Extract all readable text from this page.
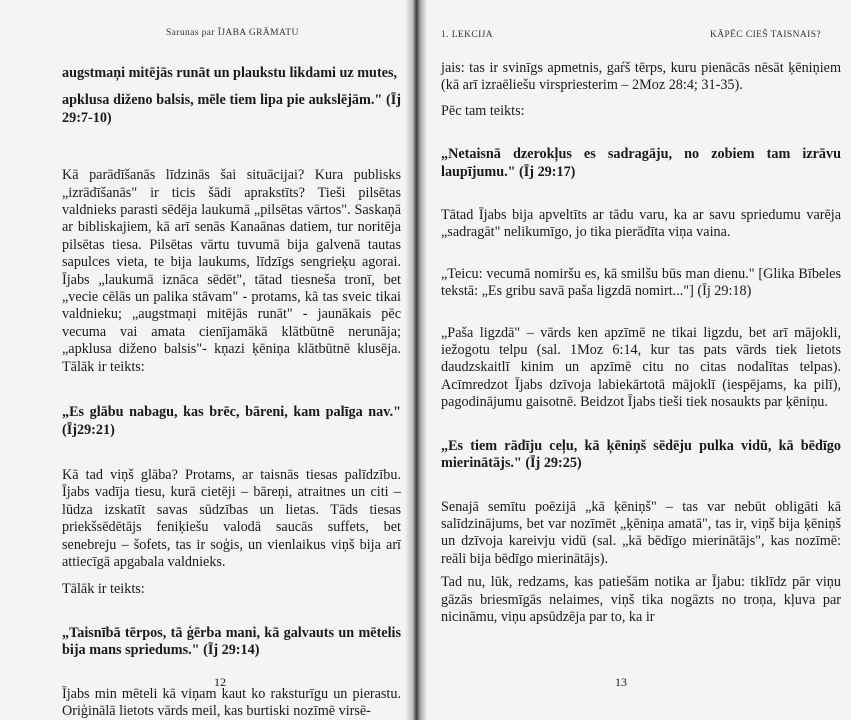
Sarunas par ĪJABA GRĀMATU

augstmaņi mitējās runāt un plaukstu likdami uz mutes,

apklusa diženo balsis, mēle tiem lipa pie aukslējām." (Īj 29:7-10)

Kā parādīšanās līdzinās šai situācijai? Kura publisks „izrādīšanās" ir ticis šādi aprakstīts? Tieši pilsētas valdnieks parasti sēdēja laukumā „pilsētas vārtos". Saskaņā ar bibliskajiem, kā arī senās Kanaānas datiem, tur noritēja pilsētas tiesa. Pilsētas vārtu tuvumā bija galvenā tautas sapulces vieta, te bija laukums, līdzīgs sengrieķu agorai. Ījabs „laukumā iznāca sēdēt", tātad tiesneša tronī, bet „vecie cēlās un palika stāvam" - protams, kā tas sveic tikai valdnieku; „augstmaņi mitējās runāt" - jaunākais pēc vecuma vai amata cienījamākā klātbūtnē nerunāja; „apklusa diženo balsis"- kņazi ķēniņa klātbūtnē klusēja. Tālāk ir teikts:

„Es glābu nabagu, kas brēc, bāreni, kam palīga nav." (Īj29:21)

Kā tad viņš glāba? Protams, ar taisnās tiesas palīdzību. Ījabs vadīja tiesu, kurā cietēji – bāreņi, atraitnes un citi – lūdza izskatīt savas sūdzības un lietas. Tāds tiesas priekšsēdētājs feniķiešu valodā saucās suffets, bet senebreju – šofets, tas ir soģis, un vienlaikus viņš bija arī attiecīgā apgabala valdnieks.

Tālāk ir teikts:

„Taisnībā tērpos, tā ģērba mani, kā galvauts un mētelis bija mans spriedums." (Īj 29:14)

Ījabs min mēteli kā viņam kaut ko raksturīgu un pierastu. Oriģinālā lietots vārds meil, kas burtiski nozīmē virsē-

12
1. LEKCIJA	KĀPĒC CIEŠ TAISNAIS?

jais: tas ir svinīgs apmetnis, gaŕš tērps, kuru pienācās nēsāt ķēniņiem (kā arī izraēliešu virspriesterim – 2Moz 28:4; 31-35).

Pēc tam teikts:

„Netaisnā dzerokļus es sadragāju, no zobiem tam izrāvu laupījumu." (Īj 29:17)

Tātad Ījabs bija apveltīts ar tādu varu, ka ar savu spriedumu varēja „sadragāt" nelikumīgo, jo tika pierādīta viņa vaina.

„Teicu: vecumā nomiršu es, kā smilšu būs man dienu." [Glika Bībeles tekstā: „Es gribu savā paša ligzdā nomirt..."] (Īj 29:18)

„Paša ligzdā" – vārds ken apzīmē ne tikai ligzdu, bet arī mājokli, iežogotu telpu (sal. 1Moz 6:14, kur tas pats vārds tiek lietots daudzskaitlī kinim un apzīmē citu no citas nodalītas telpas). Acīmredzot Ījabs dzīvoja labiekārtotā mājoklī (iespējams, ka pilī), pagodinājumu gaisotnē. Beidzot Ījabs tieši tiek nosaukts par ķēniņu.

„Es tiem rādīju ceļu, kā ķēniņš sēdēju pulka vidū, kā bēdīgo mierinātājs." (Īj 29:25)

Senajā semītu poēzijā „kā ķēniņš" – tas var nebūt obligāti kā salīdzinājums, bet var nozīmēt „ķēniņa amatā", tas ir, viņš bija ķēniņš un dzīvoja kareivju vidū (sal. „kā bēdīgo mierinātājs", kas nozīmē: reāli bija bēdīgo mierinātājs).

Tad nu, lūk, redzams, kas patiešām notika ar Ījabu: tiklīdz pār viņu gāzās briesmīgās nelaimes, viņš tika nogāzts no troņa, kļuva par nicināmu, viņu apsūdzēja par to, ka ir

13
